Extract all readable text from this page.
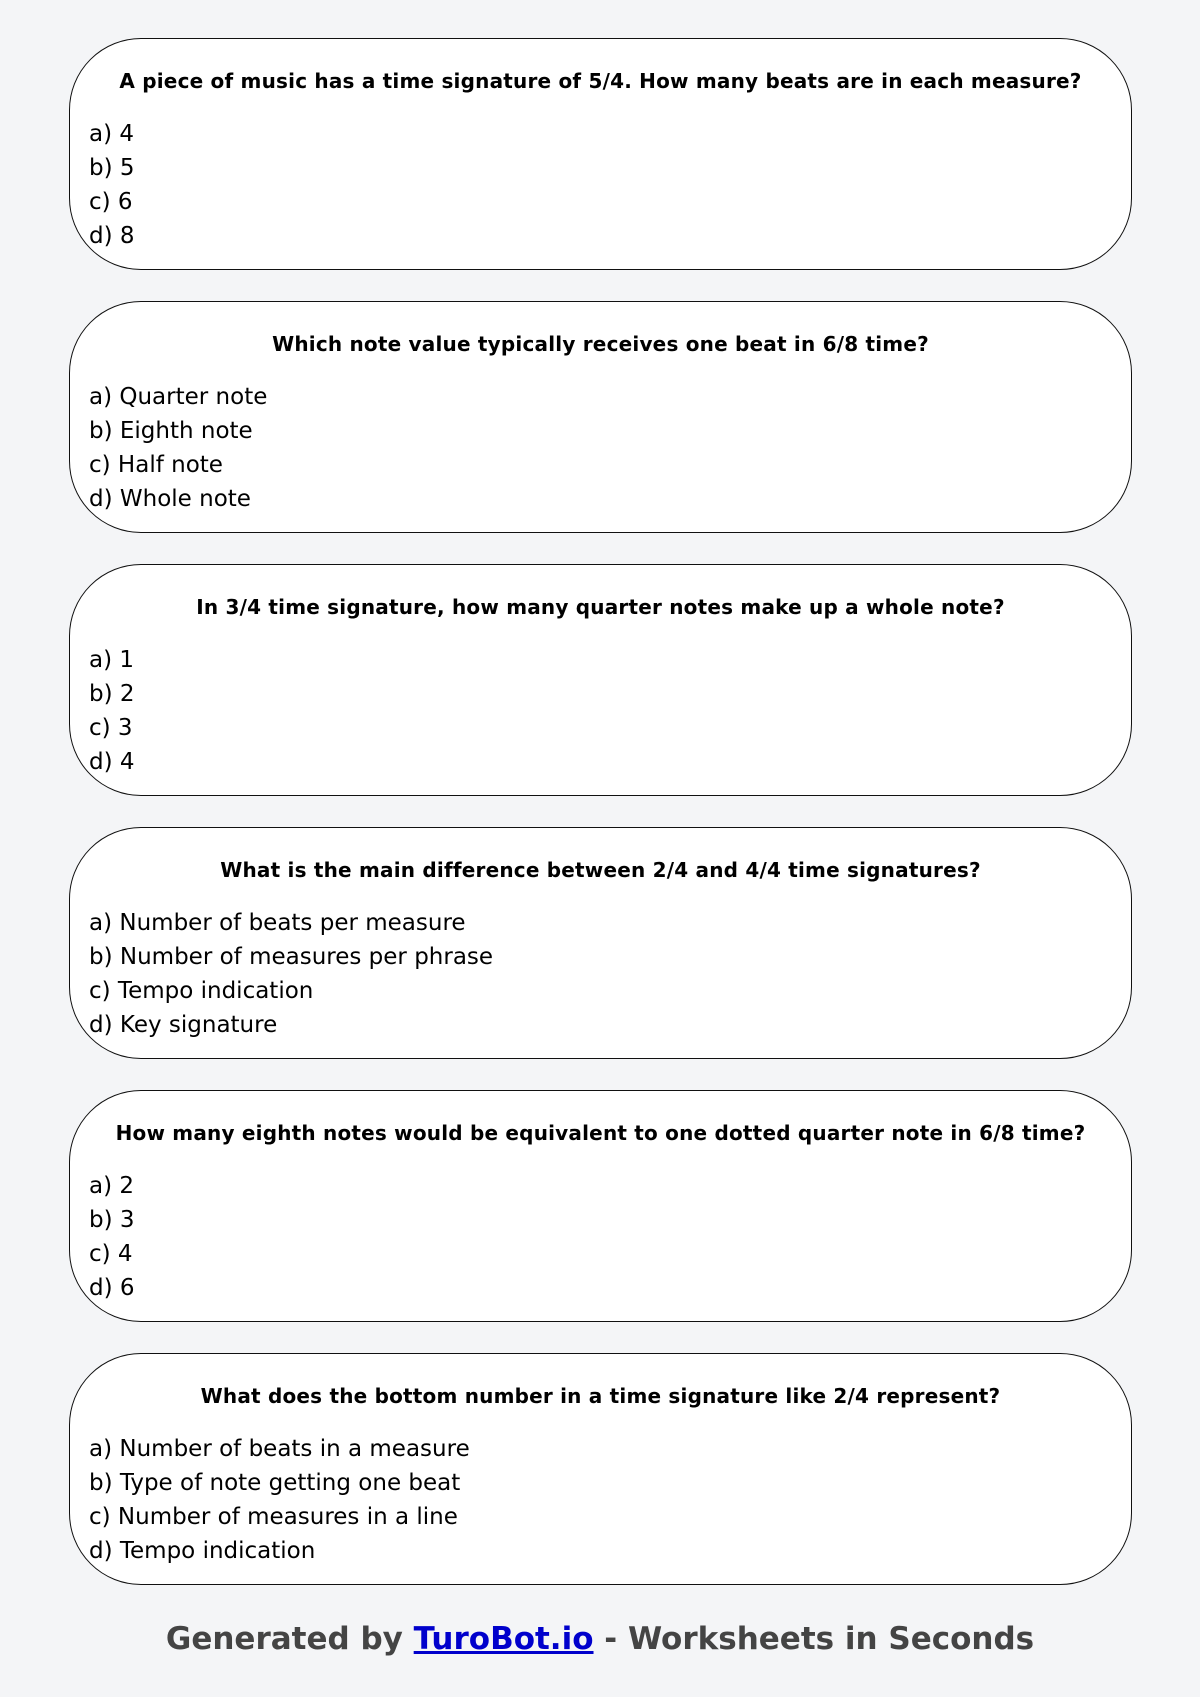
A piece of music has a time signature of 5/4. How many beats are in each measure?
a) 4
b) 5
c) 6
d) 8
Which note value typically receives one beat in 6/8 time?
a) Quarter note
b) Eighth note
c) Half note
d) Whole note
In 3/4 time signature, how many quarter notes make up a whole note?
a) 1
b) 2
c) 3
d) 4
What is the main difference between 2/4 and 4/4 time signatures?
a) Number of beats per measure
b) Number of measures per phrase
c) Tempo indication
d) Key signature
How many eighth notes would be equivalent to one dotted quarter note in 6/8 time?
a) 2
b) 3
c) 4
d) 6
What does the bottom number in a time signature like 2/4 represent?
a) Number of beats in a measure
b) Type of note getting one beat
c) Number of measures in a line
d) Tempo indication
Generated by TuroBot.io - Worksheets in Seconds
